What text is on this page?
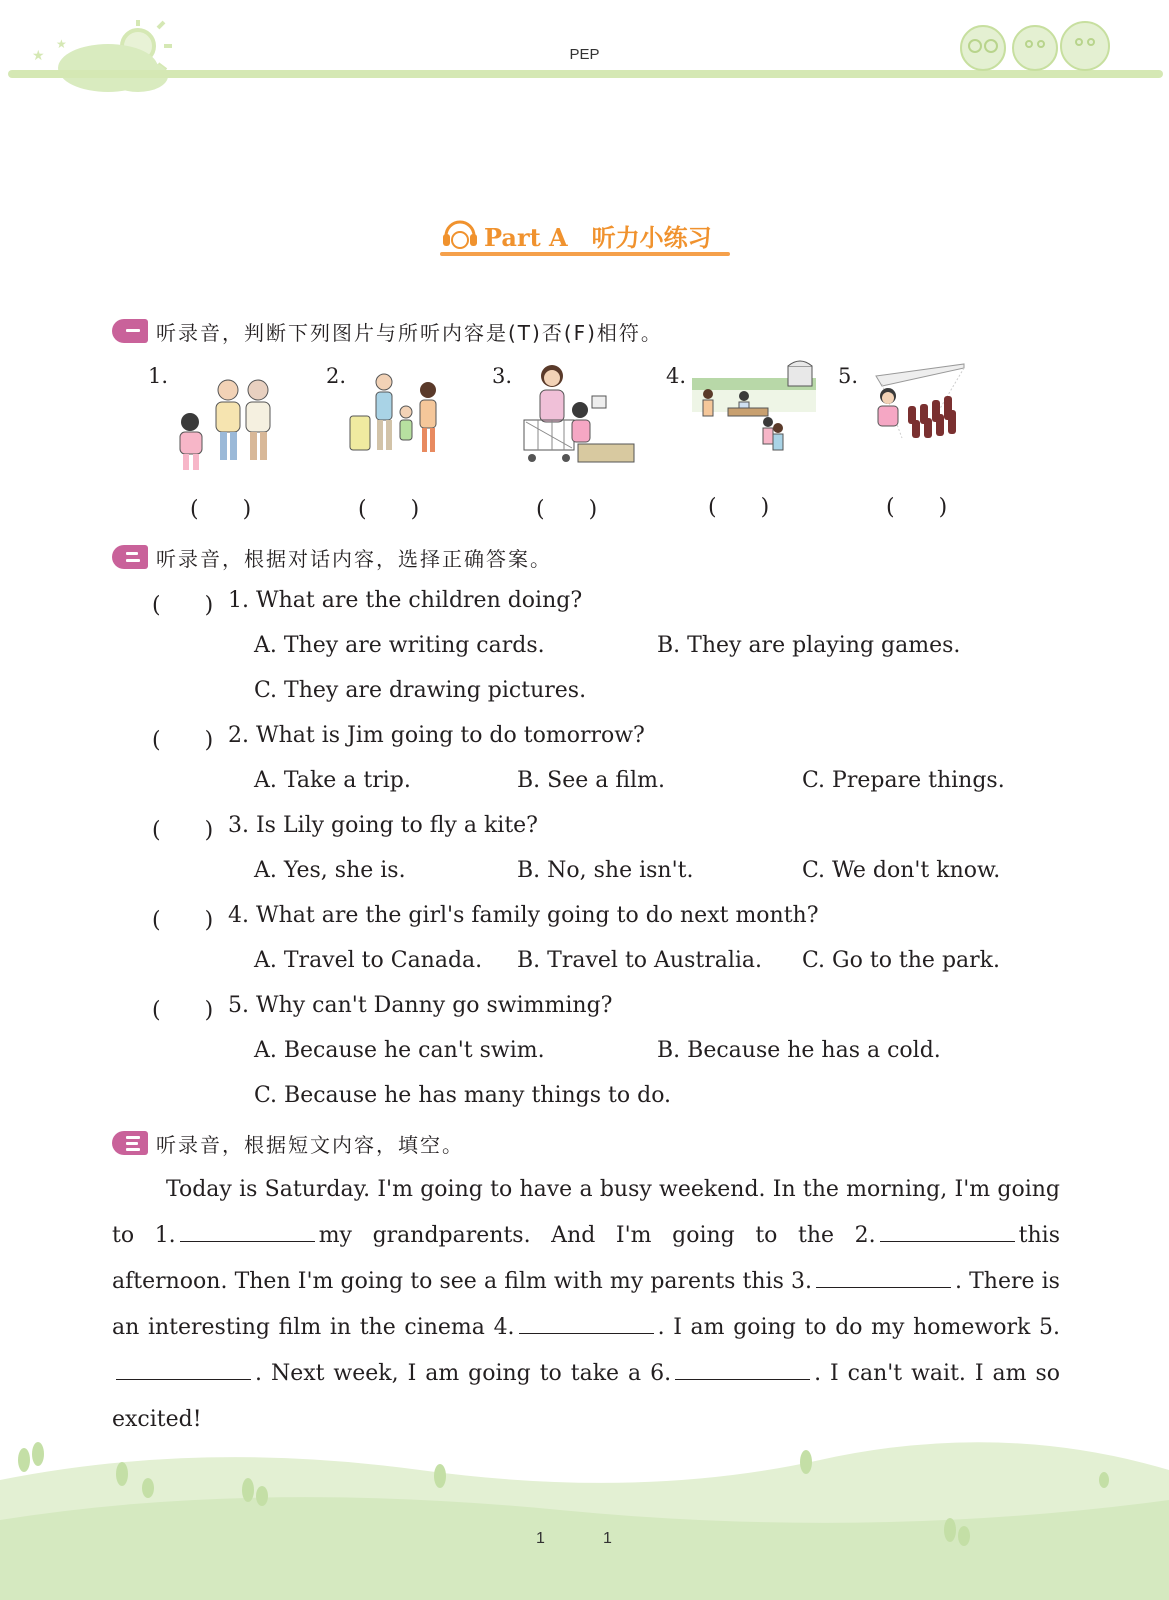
★
★
PEP
Part A　听力小练习
听录音，判断下列图片与所听内容是(T)否(F)相符。
1.	2.	3.	4.	5.
(　　)	(　　)	(　　)	(　　)	(　　)
听录音，根据对话内容，选择正确答案。
(　　) 1. What are the children doing?
A. They are writing cards.	B. They are playing games.
C. They are drawing pictures.
(　　) 2. What is Jim going to do tomorrow?
A. Take a trip.	B. See a film.	C. Prepare things.
(　　) 3. Is Lily going to fly a kite?
A. Yes, she is.	B. No, she isn't.	C. We don't know.
(　　) 4. What are the girl's family going to do next month?
A. Travel to Canada. B. Travel to Australia. C. Go to the park.
(　　) 5. Why can't Danny go swimming?
A. Because he can't swim.	B. Because he has a cold.
C. Because he has many things to do.
听录音，根据短文内容，填空。

Today is Saturday. I'm going to have a busy weekend. In the morning, I'm going to 1.	my grandparents. And I'm going to the 2.	this afternoon. Then I'm going to see a film with my parents this 3.	. There is an interesting film in the cinema 4.	. I am going to do my homework 5.. Next week, I am going to take a 6.	. I can't wait. I am so excited!

1	1
